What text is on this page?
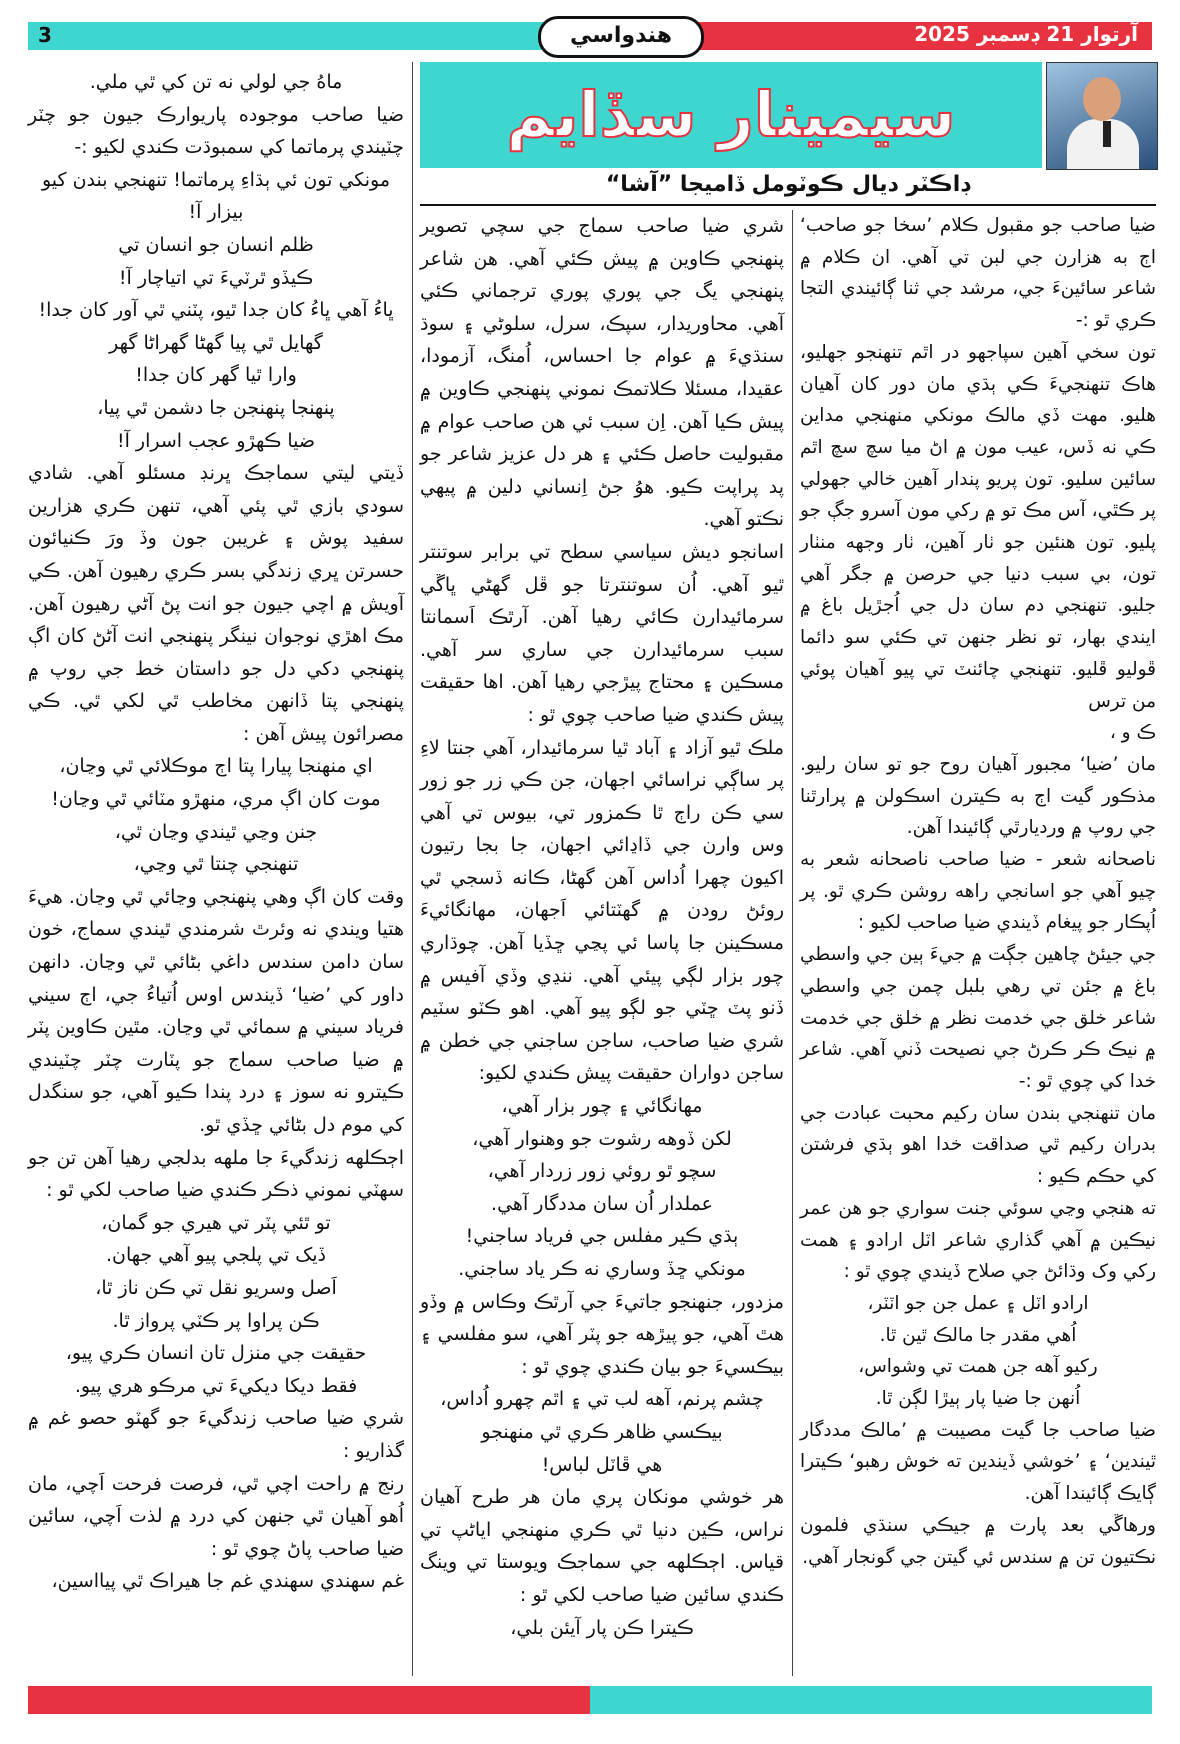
3	هندواسي	آرتوار 21 ڊسمبر 2025
سيمينار سڏايم
ڊاڪٽر ديال ڪوٽومل ڏاميجا ”آشا“

ضيا صاحب جو مقبول ڪلام ’سخا جو صاحب‘ اڄ به هزارن جي لبن تي آهي. ان ڪلام ۾ شاعر سائينءَ جي، مرشد جي ثنا ڳائيندي التجا ڪري ٿو :-

تون سخي آهين سپاجهو در اٿم تنهنجو جهليو، هاڪ تنهنجيءَ ڪي ٻڌي مان دور کان آهيان هليو. مهت ڏي مالڪ مونکي منهنجي مداين ڪي نه ڏس، عيب مون ۾ اڻ ميا سچ سچ اٿم سائين سليو. تون پريو پندار آهين خالي جهولي پر ڪٿي، آس مڪ تو ۾ رکي مون آسرو جڳ جو پليو. تون هنئين جو ٺار آهين، ٺار وجهه منٺار تون، بي سبب دنيا جي حرصن ۾ جگر آهي جليو. تنهنجي دم سان دل جي اُجڙيل باغ ۾ ايندي بهار، تو نظر جنهن تي ڪئي سو دائما ڦوليو ڦليو. تنهنجي چائنٽ تي پيو آهيان پوئي من ترس

ڪ و ،

مان ’ضيا‘ مجبور آهيان روح جو تو سان رليو. مذڪور گيت اڄ به ڪيترن اسڪولن ۾ پرارٿنا جي روپ ۾ ورديارٿي ڳائيندا آهن.

ناصحانه شعر - ضيا صاحب ناصحانه شعر به چيو آهي جو اسانجي راهه روشن ڪري ٿو. پر اُپڪار جو پيغام ڏيندي ضيا صاحب لکيو :

جي جيئڻ چاهين جڳت ۾ جيءَ ٻين جي واسطي باغ ۾ جئن تي رهي بلبل چمن جي واسطي شاعر خلق جي خدمت نظر ۾ خلق جي خدمت ۾ نيڪ ڪر ڪرڻ جي نصيحت ڏني آهي. شاعر خدا کي چوي ٿو :-

مان تنهنجي بندن سان رکيم محبت عبادت جي بدران رکيم ٿي صداقت خدا اهو ٻڌي فرشتن کي حڪم ڪيو :

ته هنجي وڃي سوئي جنت سواري جو هن عمر نيڪين ۾ آهي گذاري شاعر اٽل ارادو ۽ همت رکي وک وڌائڻ جي صلاح ڏيندي چوي ٿو :

ارادو اٽل ۽ عمل جن جو اٽٽر،

اُهي مقدر جا مالڪ ٿين ٿا.

رکيو آهه جن همت تي وشواس،

اُنهن جا ضيا پار ٻيڙا لڳن ٿا.

ضيا صاحب جا گيت مصيبت ۾ ’مالڪ مددگار ٿيندين‘ ۽ ’خوشي ڏيندين ته خوش رهبو‘ ڪيترا ڳايڪ ڳائيندا آهن.

ورهاڱي بعد پارت ۾ جيڪي سنڌي فلمون نڪتيون تن ۾ سندس ئي گيتن جي گونجار آهي.

شري ضيا صاحب سماج جي سچي تصوير پنهنجي ڪاوين ۾ پيش ڪئي آهي. هن شاعر پنهنجي يگ جي پوري پوري ترجماني ڪئي آهي. محاوريدار، سپڪ، سرل، سلوڻي ۽ سوڌ سنڌيءَ ۾ عوام جا احساس، اُمنگ، آزمودا، عقيدا، مسئلا ڪلاتمڪ نموني پنهنجي ڪاوين ۾ پيش ڪيا آهن. اِن سبب ئي هن صاحب عوام ۾ مقبوليت حاصل ڪئي ۽ هر دل عزيز شاعر جو پد پراپت ڪيو. هوُ جڻ اِنساني دلين ۾ پيهي نڪتو آهي.

اسانجو ديش سياسي سطح تي برابر سوتنتر ٿيو آهي. اُن سوتنترتا جو ڦل گهڻي ڀاڱي سرمائيدارن ڪائي رهيا آهن. آرٿڪ اَسمانتا سبب سرمائيدارن جي ساري سر آهي. مسڪين ۽ محتاج پيڙجي رهيا آهن. اها حقيقت پيش ڪندي ضيا صاحب چوي ٿو :

ملڪ ٿيو آزاد ۽ آباد ٿيا سرمائيدار، آهي جنتا لاءِ پر ساڳي نراسائي اجهان، جن ڪي زر جو زور سي ڪن راڄ ٿا ڪمزور تي، بيوس تي آهي وس وارن جي ڏاڍائي اجهان، جا بجا رتيون اکيون چهرا اُداس آهن گهڻا، ڪانه ڏسجي ٿي روئڻ رودن ۾ گهٽتائي اَجهان، مهانگائيءَ مسڪينن جا پاسا ئي پڃي ڇڏيا آهن. چوڌاري چور بزار لڳي پيئي آهي. ننڍي وڏي آفيس ۾ ڏنو پٽ ڇٽي جو لڳو پيو آهي. اهو ڪٽو سٽيم شري ضيا صاحب، ساجن ساجني جي خطن ۾ ساجن دواران حقيقت پيش ڪندي لکيو:

مهانگائي ۽ چور بزار آهي،

لکن ڏوهه رشوت جو وهنوار آهي،

سچو ٿو روئي زور زردار آهي،

عملدار اُن سان مددگار آهي.

ٻڌي ڪير مفلس جي فرياد ساجني!

مونکي ڇڏ وساري نه ڪر ياد ساجني.

مزدور، جنهنجو جاتيءَ جي آرٿڪ وڪاس ۾ وڏو هٿ آهي، جو پيڙهه جو پٽر آهي، سو مفلسي ۽ بيڪسيءَ جو بيان ڪندي چوي ٿو :

چشم پرنم، آهه لب تي ۽ اٿم چهرو اُداس،

بيڪسي ظاهر ڪري ٿي منهنجو

هي ڦاٽل لباس!

هر خوشي مونکان پري مان هر طرح آهيان نراس، ڪين دنيا ٿي ڪري منهنجي اياڻپ تي قياس. اڄڪلهه جي سماجڪ ويوستا تي وينگ ڪندي سائين ضيا صاحب لکي ٿو :

ڪيترا ڪن پار آيئن بلي،

ماهُ جي لولي نه تن کي ٿي ملي.

ضيا صاحب موجوده پاريوارڪ جيون جو چٽر چٽيندي پرماتما کي سمبوڌت ڪندي لکيو :-

مونکي تون ئي ٻڌاءِ پرماتما! تنهنجي بندن کيو بيزار آ!

ظلم انسان جو انسان تي

ڪيڏو ٿرٽيءَ تي اتياچار آ!

ڀاءُ آهي ڀاءُ کان جدا ٿيو، پٽني ٿي آور کان جدا!

گهايل ٿي پيا گهڻا گهراڻا گهر

وارا ٿيا گهر کان جدا!

پنهنجا پنهنجن جا دشمن ٿي پيا،

ضيا ڪهڙو عجب اسرار آ!

ڏيتي ليتي سماجڪ ڀرنڊ مسئلو آهي. شادي سودي بازي ٿي پئي آهي، تنهن ڪري هزارين سفيد پوش ۽ غريبن جون وڏ ورَ ڪنيائون حسرتن ڀري زندگي بسر ڪري رهيون آهن. ڪي آويش ۾ اچي جيون جو انت پڻ آڻي رهيون آهن. مڪ اهڙي نوجوان نينگر پنهنجي انت آڻڻ کان اڳ پنهنجي دکي دل جو داستان خط جي روپ ۾ پنهنجي پتا ڏانهن مخاطب ٿي لکي ٿي. ڪي مصرائون پيش آهن :

اي منهنجا پيارا پتا اڄ موڪلائي ٿي وڃان،

موت کان اڳ مري، منهڙو مٽائي ٿي وڃان!

جنن وڃي ٿيندي وڃان ٿي،

تنهنجي چنتا ٿي وڃي،

وقت کان اڳ وهي پنهنجي وڃائي ٿي وڃان. هيءَ هتيا ويندي نه وئرٿ شرمندي ٿيندي سماج، خون سان دامن سندس داغي بڻائي ٿي وڃان. دانهن داور کي ’ضيا‘ ڏيندس اوس اُتياءُ جي، اڄ سيني فرياد سيني ۾ سمائي ٿي وڃان. مٿين ڪاوين پٽر ۾ ضيا صاحب سماج جو پٽارت چٽر چٽيندي ڪيترو نه سوز ۽ درد پندا ڪيو آهي، جو سنگدل کي موم دل بڻائي ڇڏي ٿو.

اڄڪلهه زندگيءَ جا ملهه بدلجي رهيا آهن تن جو سهٽي نموني ذڪر ڪندي ضيا صاحب لکي ٿو :

تو ٿئي پٽر تي هيري جو گمان،

ڏيک تي پلجي پيو آهي جهان.

اَصل وسريو نقل تي ڪن ناز ٿا،

ڪن پراوا پر ڪٽي پرواز ٿا.

حقيقت جي منزل تان انسان ڪري پيو،

فقط ديکا ديکيءَ تي مرڪو هري پيو.

شري ضيا صاحب زندگيءَ جو گهٽو حصو غم ۾ گذاريو :

رنج ۾ راحت اچي ٿي، فرصت فرحت اَچي، مان اُهو آهيان ٿي جنهن کي درد ۾ لذت اَچي، سائين ضيا صاحب پاڻ چوي ٿو :

غم سهندي سهندي غم جا هيراڪ ٿي پيااسين،
